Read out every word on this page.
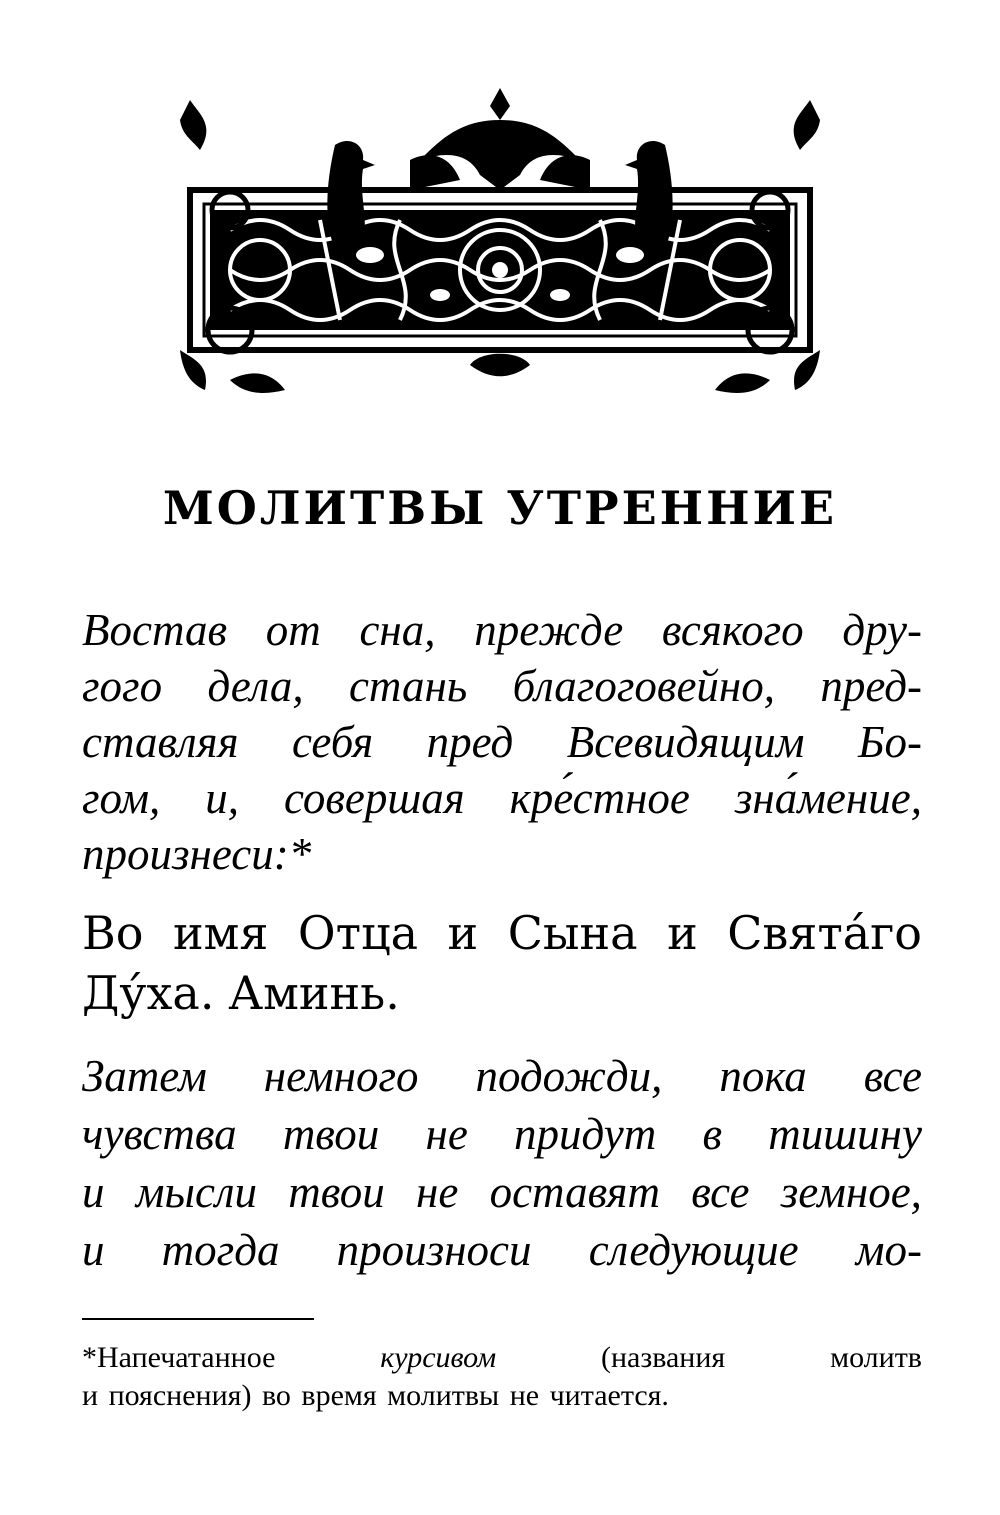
МОЛИТВЫ УТРЕННИЕ
Востав от сна, прежде всякого дру-
гого дела, стань благоговейно, пред-
ставляя себя пред Всевидящим Бо-
гом, и, совершая кре́стное зна́мение,
произнеси:*
Во имя Отца и Сына и Свята́го
Ду́ха. Аминь.
Затем немного подожди, пока все
чувства твои не придут в тишину
и мысли твои не оставят все земное,
и тогда произноси следующие мо-
*Напечатанное	курсивом	(названия	молитв
и пояснения) во время молитвы не читается.
